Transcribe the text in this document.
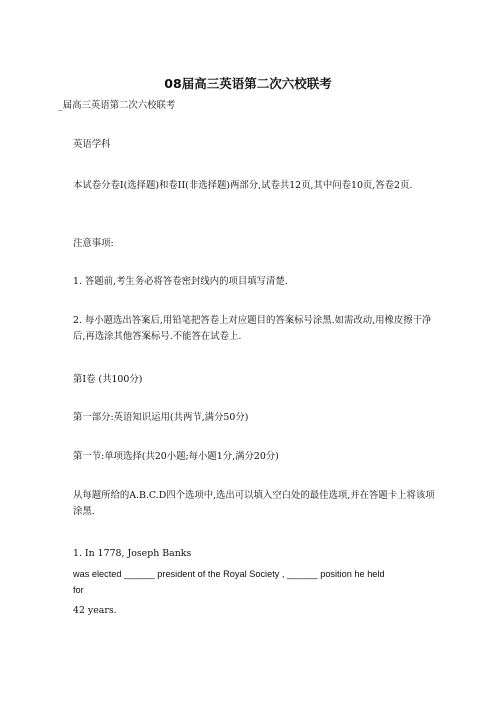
08届高三英语第二次六校联考
_届高三英语第二次六校联考
英语学科
本试卷分卷I(选择题)和卷II(非选择题)两部分,试卷共12页,其中问卷10页,答卷2页.
注意事项:
1. 答题前,考生务必将答卷密封线内的项目填写清楚.
2. 每小题选出答案后,用铅笔把答卷上对应题目的答案标号涂黑.如需改动,用橡皮擦干净后,再选涂其他答案标号.不能答在试卷上.
第I卷 (共100分)
第一部分:英语知识运用(共两节,满分50分)
第一节:单项选择(共20小题;每小题1分,满分20分)
从每题所给的A.B.C.D四个选项中,选出可以填入空白处的最佳选项,并在答题卡上将该项涂黑.
1. In 1778, Joseph Banks
was elected ______ president of the Royal Society , ______ position he held
for
42 years.
